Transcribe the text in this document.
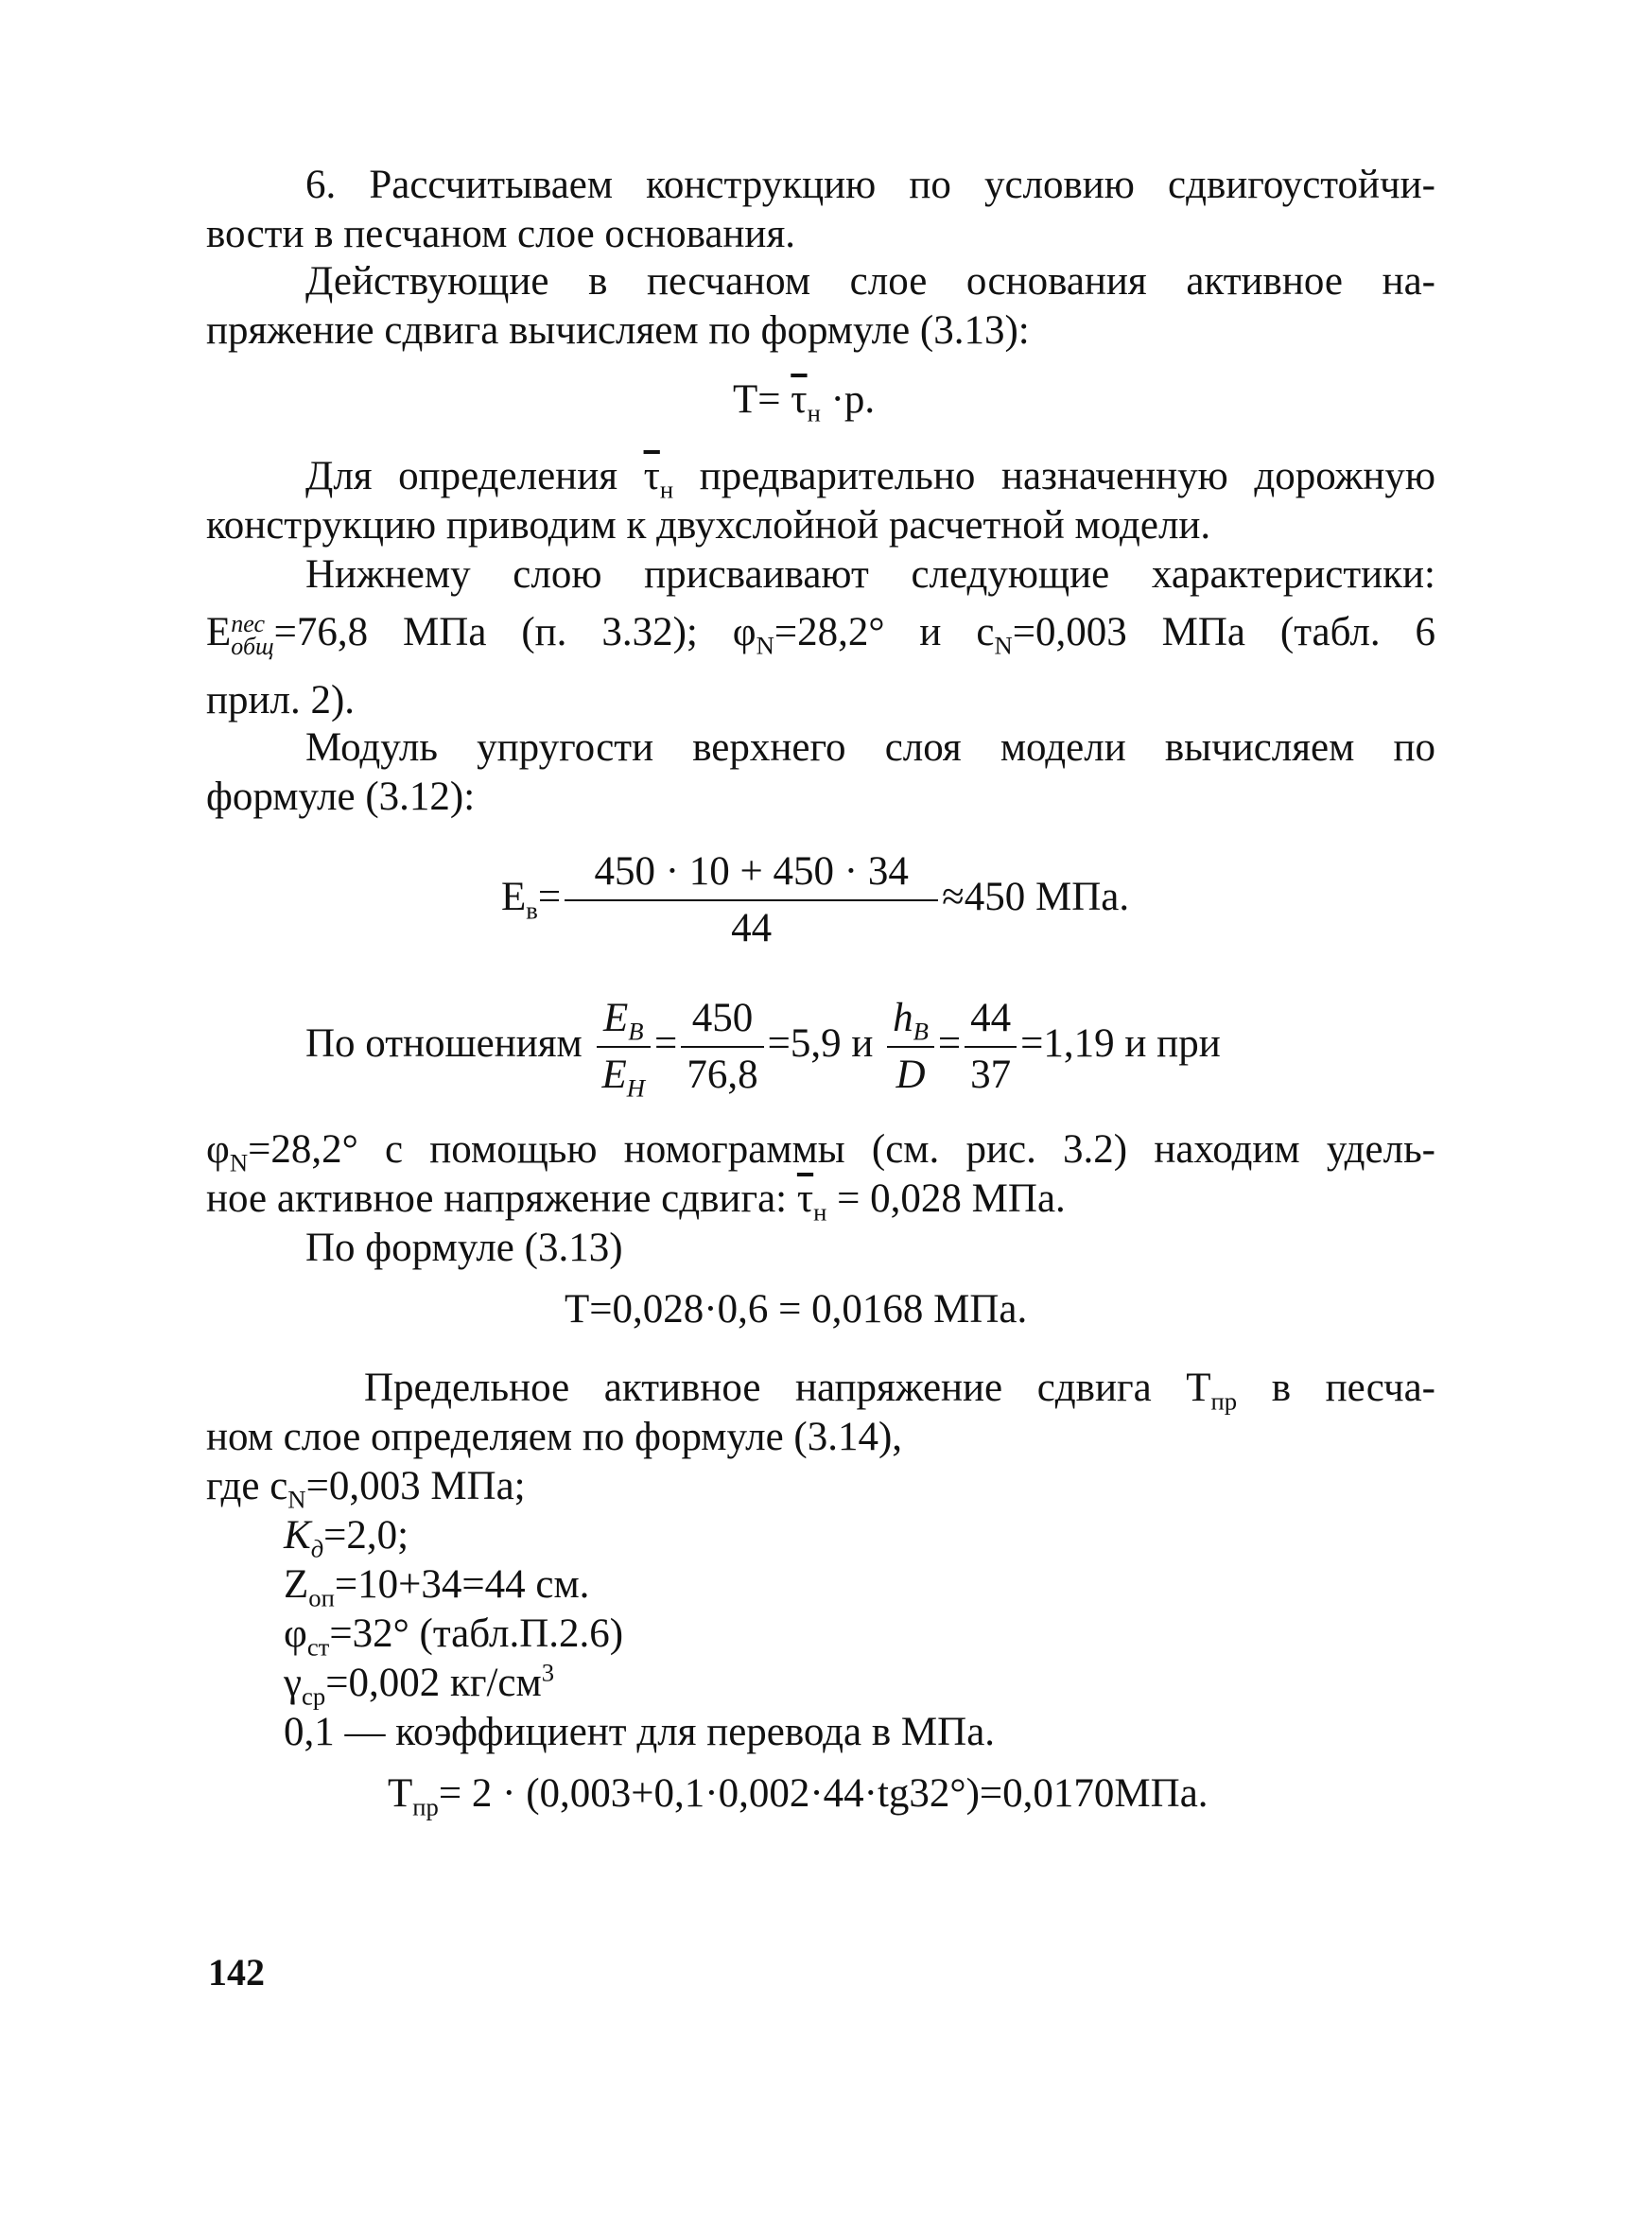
6. Рассчитываем конструкцию по условию сдвигоустойчи-
вости в песчаном слое основания.
Действующие в песчаном слое основания активное на-
пряжение сдвига вычисляем по формуле (3.13):
$T= \overline{\tau}_н \cdot р$.
Для определения $\overline{\tau}_н$ предварительно назначенную дорожную
конструкцию приводим к двухслойной расчетной модели.
Нижнему слою присваивают следующие характеристики:
E пес
общ =76,8 МПа (п. 3.32); $\varphi_N=28,2^\circ$ и $с_N=0,003$ МПа (табл. 6
прил. 2).
Модуль упругости верхнего слоя модели вычисляем по
формуле (3.12):
$E_в= \frac{450 \cdot 10 + 450 \cdot 34}{44} \approx 450$ МПа.
По отношениям $\frac{E_B}{E_H} = \frac{450}{76,8} =5,9$ и $\frac{h_B}{D} = \frac{44}{37} =1,19$ и при
$\varphi_N=28,2^\circ$ с помощью номограммы (см. рис. 3.2) находим удель-
ное активное напряжение сдвига: $\overline{\tau}_н = 0,028$ МПа.
По формуле (3.13)
T=0,028·0,6 = 0,0168 МПа.
Предельное активное напряжение сдвига $T_{пр}$ в песча-
ном слое определяем по формуле (3.14),
где $с_N=0,003$ МПа;
$K_д=2,0$;
$Z_{оп}=10+34=44$ см.
$\varphi_{ст}=32^\circ$ (табл.П.2.6)
$\gamma_{ср}=0,002$ $кг/см^3$
0,1 — коэффициент для перевода в МПа.
$T_{пр}= 2 \cdot (0,003+0,1\cdot 0,002\cdot 44\cdot tg32^\circ)=0,0170МПа$.
142
